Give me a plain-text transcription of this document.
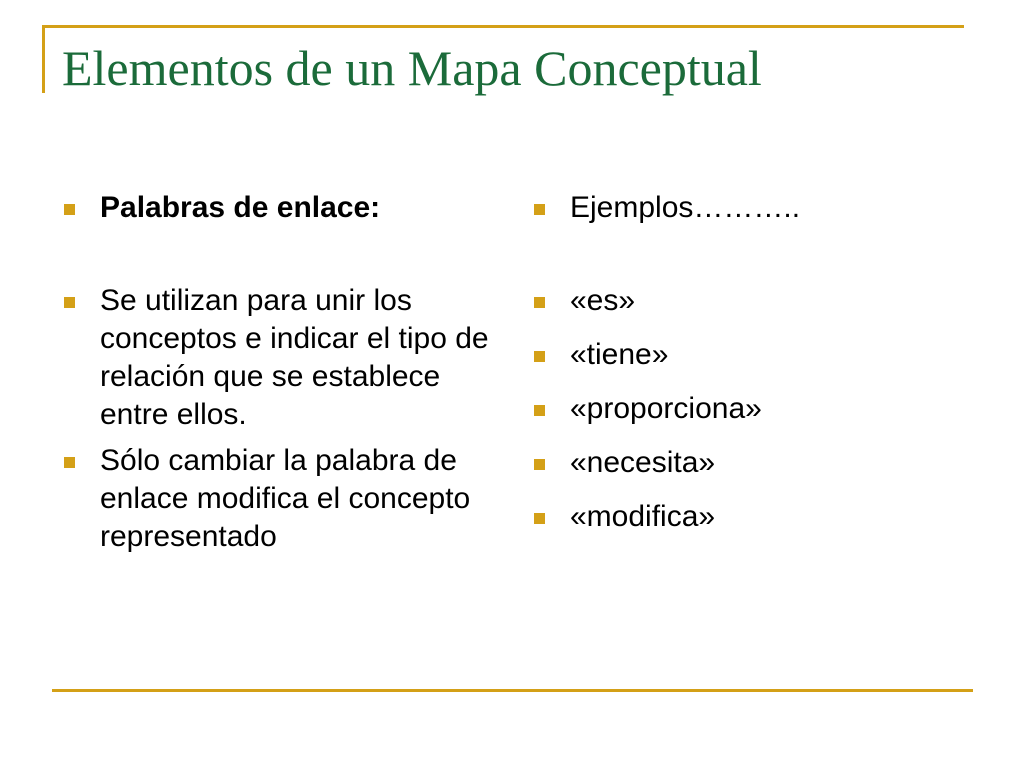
Elementos de un Mapa Conceptual
Palabras de enlace:
Se utilizan para unir los conceptos e indicar el tipo de relación que se establece entre ellos.
Sólo cambiar la palabra de enlace modifica el concepto representado
Ejemplos………..
«es»
«tiene»
«proporciona»
«necesita»
«modifica»
